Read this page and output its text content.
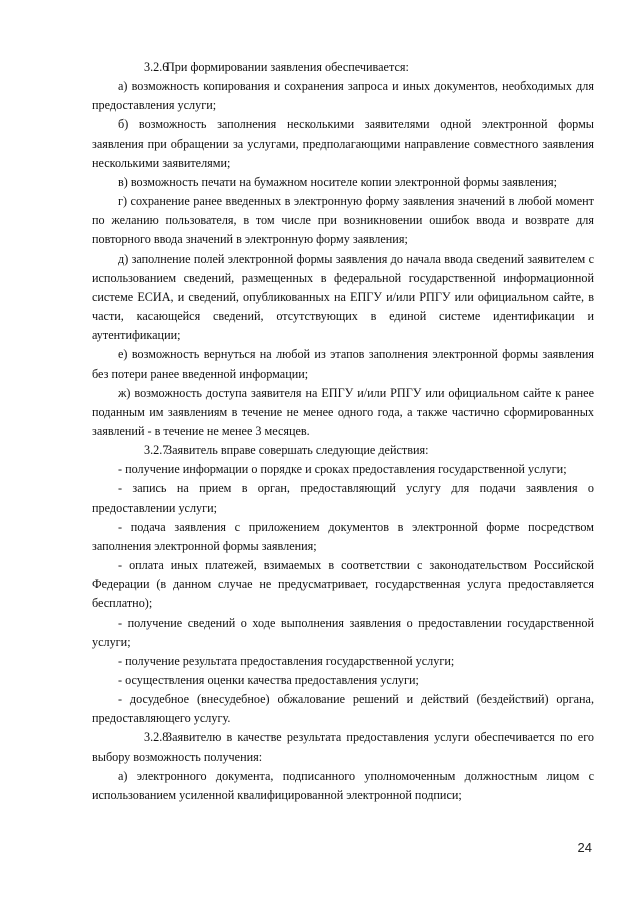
3.2.6При формировании заявления обеспечивается:

а) возможность копирования и сохранения запроса и иных документов, необходимых для предоставления услуги;

б) возможность заполнения несколькими заявителями одной электронной формы заявления при обращении за услугами, предполагающими направление совместного заявления несколькими заявителями;

в) возможность печати на бумажном носителе копии электронной формы заявления;

г) сохранение ранее введенных в электронную форму заявления значений в любой момент по желанию пользователя, в том числе при возникновении ошибок ввода и возврате для повторного ввода значений в электронную форму заявления;

д) заполнение полей электронной формы заявления до начала ввода сведений заявителем с использованием сведений, размещенных в федеральной государственной информационной системе ЕСИА, и сведений, опубликованных на ЕПГУ и/или РПГУ или официальном сайте, в части, касающейся сведений, отсутствующих в единой системе идентификации и аутентификации;

е) возможность вернуться на любой из этапов заполнения электронной формы заявления без потери ранее введенной информации;

ж) возможность доступа заявителя на ЕПГУ и/или РПГУ или официальном сайте к ранее поданным им заявлениям в течение не менее одного года, а также частично сформированных заявлений - в течение не менее 3 месяцев.

3.2.7Заявитель вправе совершать следующие действия:

- получение информации о порядке и сроках предоставления государственной услуги;

- запись на прием в орган, предоставляющий услугу для подачи заявления о предоставлении услуги;

- подача заявления с приложением документов в электронной форме посредством заполнения электронной формы заявления;

- оплата иных платежей, взимаемых в соответствии с законодательством Российской Федерации (в данном случае не предусматривает, государственная услуга предоставляется бесплатно);

- получение сведений о ходе выполнения заявления о предоставлении государственной услуги;

- получение результата предоставления государственной услуги;

- осуществления оценки качества предоставления услуги;

- досудебное (внесудебное) обжалование решений и действий (бездействий) органа, предоставляющего услугу.

3.2.8Заявителю в качестве результата предоставления услуги обеспечивается по его выбору возможность получения:

а) электронного документа, подписанного уполномоченным должностным лицом с использованием усиленной квалифицированной электронной подписи;

24
